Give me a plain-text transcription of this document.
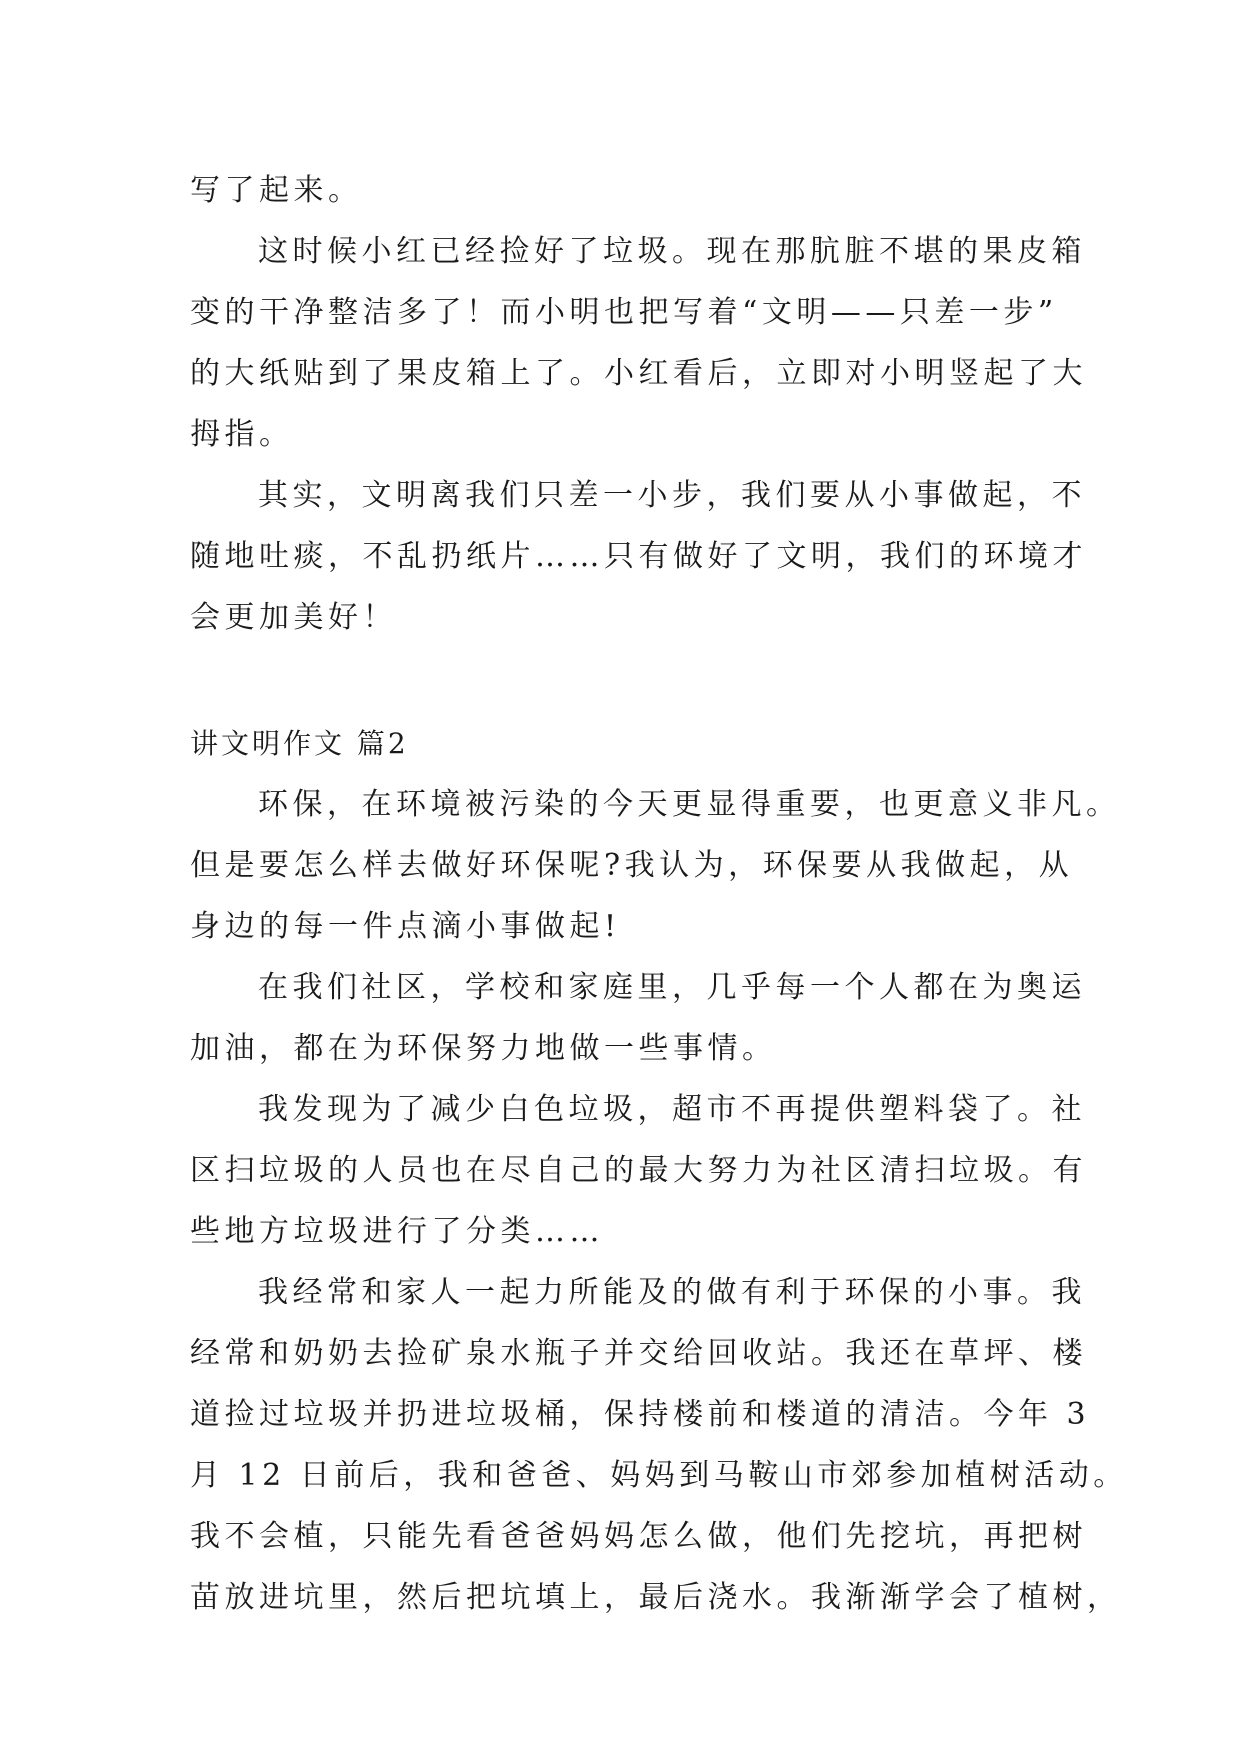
写了起来。
这时候小红已经捡好了垃圾。现在那肮脏不堪的果皮箱
变的干净整洁多了！而小明也把写着“文明——只差一步”
的大纸贴到了果皮箱上了。小红看后，立即对小明竖起了大
拇指。
其实，文明离我们只差一小步，我们要从小事做起，不
随地吐痰，不乱扔纸片……只有做好了文明，我们的环境才
会更加美好！
讲文明作文 篇2
环保，在环境被污染的今天更显得重要，也更意义非凡。
但是要怎么样去做好环保呢?我认为，环保要从我做起，从
身边的每一件点滴小事做起!
在我们社区，学校和家庭里，几乎每一个人都在为奥运
加油，都在为环保努力地做一些事情。
我发现为了减少白色垃圾，超市不再提供塑料袋了。社
区扫垃圾的人员也在尽自己的最大努力为社区清扫垃圾。有
些地方垃圾进行了分类……
我经常和家人一起力所能及的做有利于环保的小事。我
经常和奶奶去捡矿泉水瓶子并交给回收站。我还在草坪、楼
道捡过垃圾并扔进垃圾桶，保持楼前和楼道的清洁。今年 3
月 12 日前后，我和爸爸、妈妈到马鞍山市郊参加植树活动。
我不会植，只能先看爸爸妈妈怎么做，他们先挖坑，再把树
苗放进坑里，然后把坑填上，最后浇水。我渐渐学会了植树，
